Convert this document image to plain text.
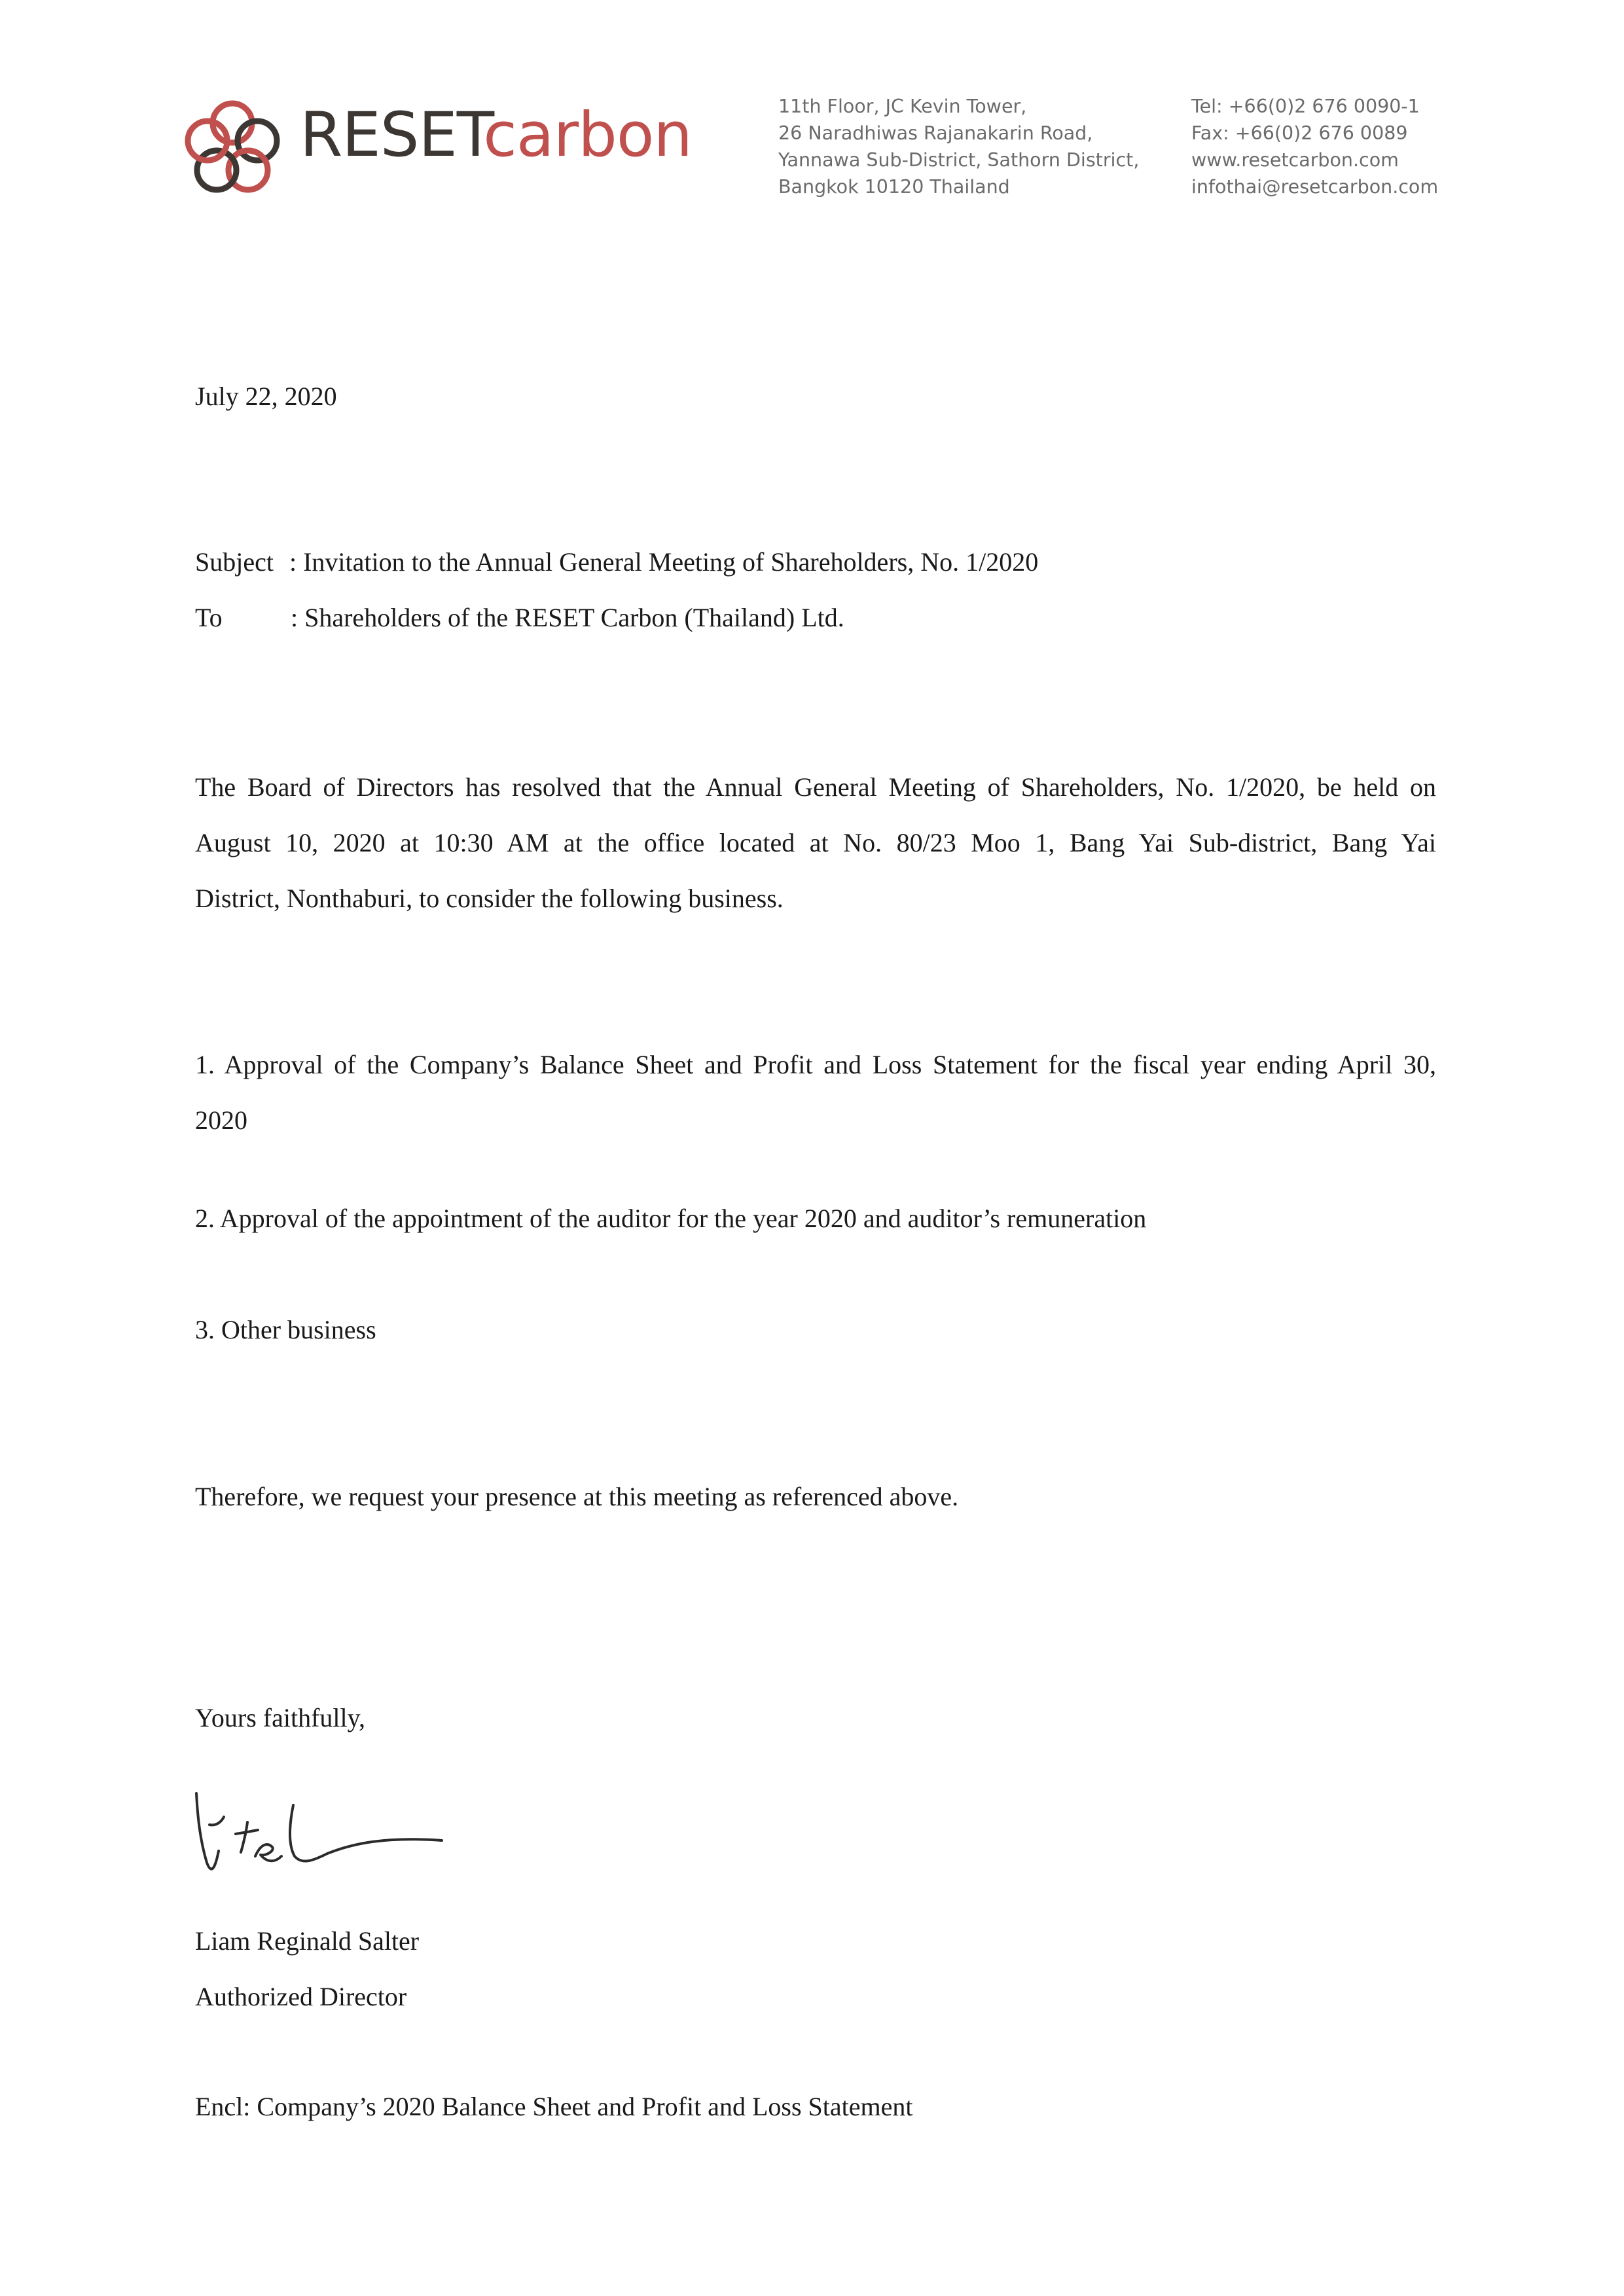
RESETcarbon	11th Floor, JC Kevin Tower,
26 Naradhiwas Rajanakarin Road,
Yannawa Sub-District, Sathorn District,
Bangkok 10120 Thailand
Tel: +66(0)2 676 0090-1
Fax: +66(0)2 676 0089
www.resetcarbon.com
infothai@resetcarbon.com
July 22, 2020
Subject : Invitation to the Annual General Meeting of Shareholders, No. 1/2020
To	: Shareholders of the RESET Carbon (Thailand) Ltd.
The Board of Directors has resolved that the Annual General Meeting of Shareholders, No. 1/2020, be held on
August 10, 2020 at 10:30 AM at the office located at No. 80/23 Moo 1, Bang Yai Sub-district, Bang Yai
District, Nonthaburi, to consider the following business.
1. Approval of the Company’s Balance Sheet and Profit and Loss Statement for the fiscal year ending April 30,
2020
2. Approval of the appointment of the auditor for the year 2020 and auditor’s remuneration
3. Other business
Therefore, we request your presence at this meeting as referenced above.
Yours faithfully,
Liam Reginald Salter
Authorized Director
Encl: Company’s 2020 Balance Sheet and Profit and Loss Statement
